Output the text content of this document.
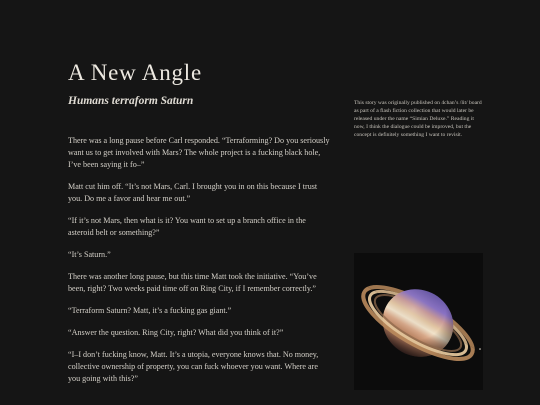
A New Angle
Humans terraform Saturn

There was a long pause before Carl responded. “Terraforming? Do you seriously want us to get involved with Mars? The whole project is a fucking black hole, I’ve been saying it fo–”

Matt cut him off. “It’s not Mars, Carl. I brought you in on this because I trust you. Do me a favor and hear me out.”

“If it’s not Mars, then what is it? You want to set up a branch office in the asteroid belt or something?”

“It’s Saturn.”

There was another long pause, but this time Matt took the initiative. “You’ve been, right? Two weeks paid time off on Ring City, if I remember correctly.”

“Terraform Saturn? Matt, it’s a fucking gas giant.”

“Answer the question. Ring City, right? What did you think of it?”

“I–I don’t fucking know, Matt. It’s a utopia, everyone knows that. No money, collective ownership of property, you can fuck whoever you want. Where are you going with this?”

This story was originally published on 4chan’s /lit/ board as part of a flash fiction collection that would later be released under the name “Simian Deluxe.” Reading it now, I think the dialogue could be improved, but the concept is definitely something I want to revisit.
